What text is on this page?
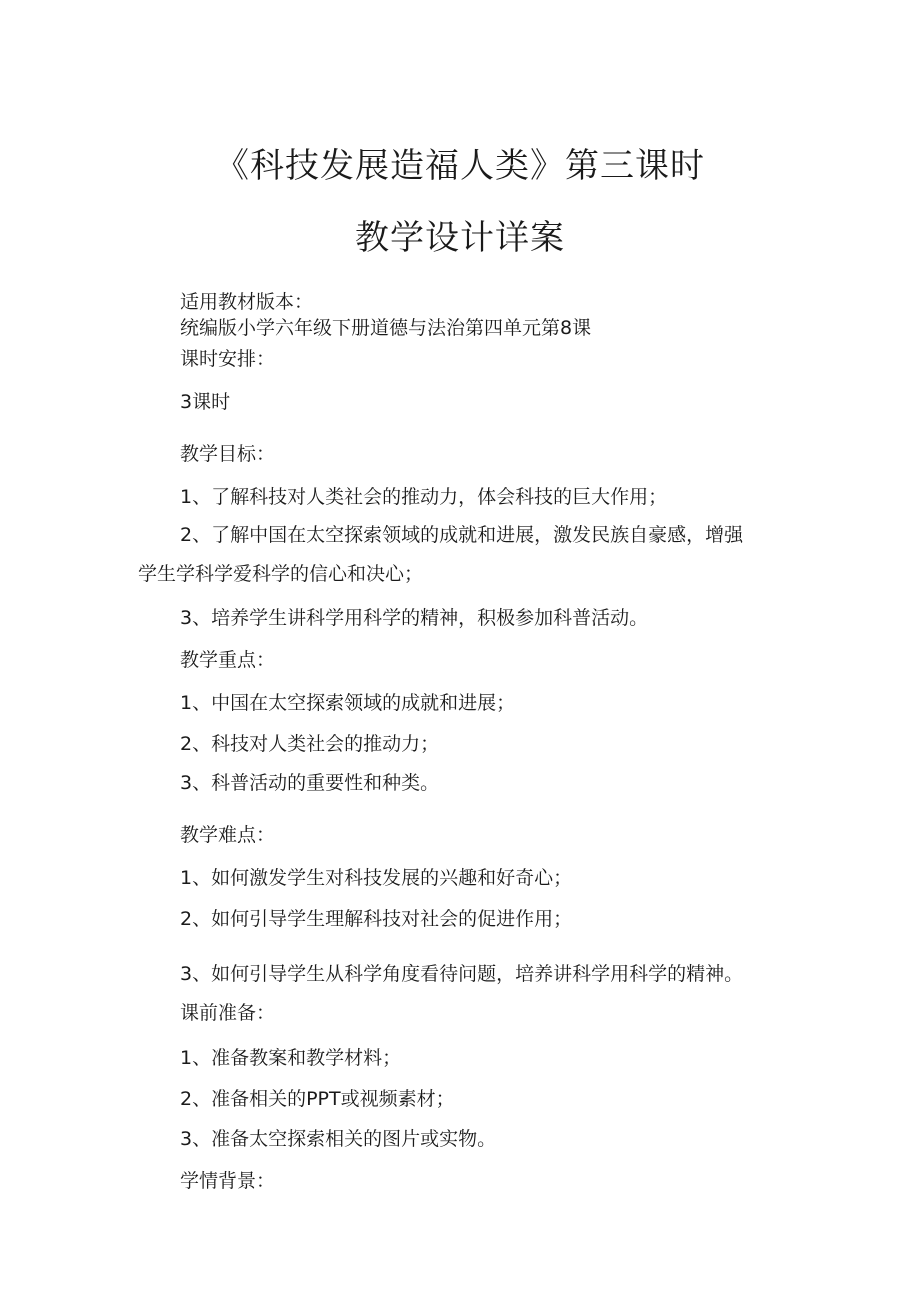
《科技发展造福人类》第三课时
教学设计详案

适用教材版本：

统编版小学六年级下册道德与法治第四单元第8课

课时安排：

3课时

教学目标：

1、了解科技对人类社会的推动力，体会科技的巨大作用；

2、了解中国在太空探索领域的成就和进展，激发民族自豪感，增强

学生学科学爱科学的信心和决心；

3、培养学生讲科学用科学的精神，积极参加科普活动。

教学重点：

1、中国在太空探索领域的成就和进展；

2、科技对人类社会的推动力；

3、科普活动的重要性和种类。

教学难点：

1、如何激发学生对科技发展的兴趣和好奇心；

2、如何引导学生理解科技对社会的促进作用；

3、如何引导学生从科学角度看待问题，培养讲科学用科学的精神。

课前准备：

1、准备教案和教学材料；

2、准备相关的PPT或视频素材；

3、准备太空探索相关的图片或实物。

学情背景：
